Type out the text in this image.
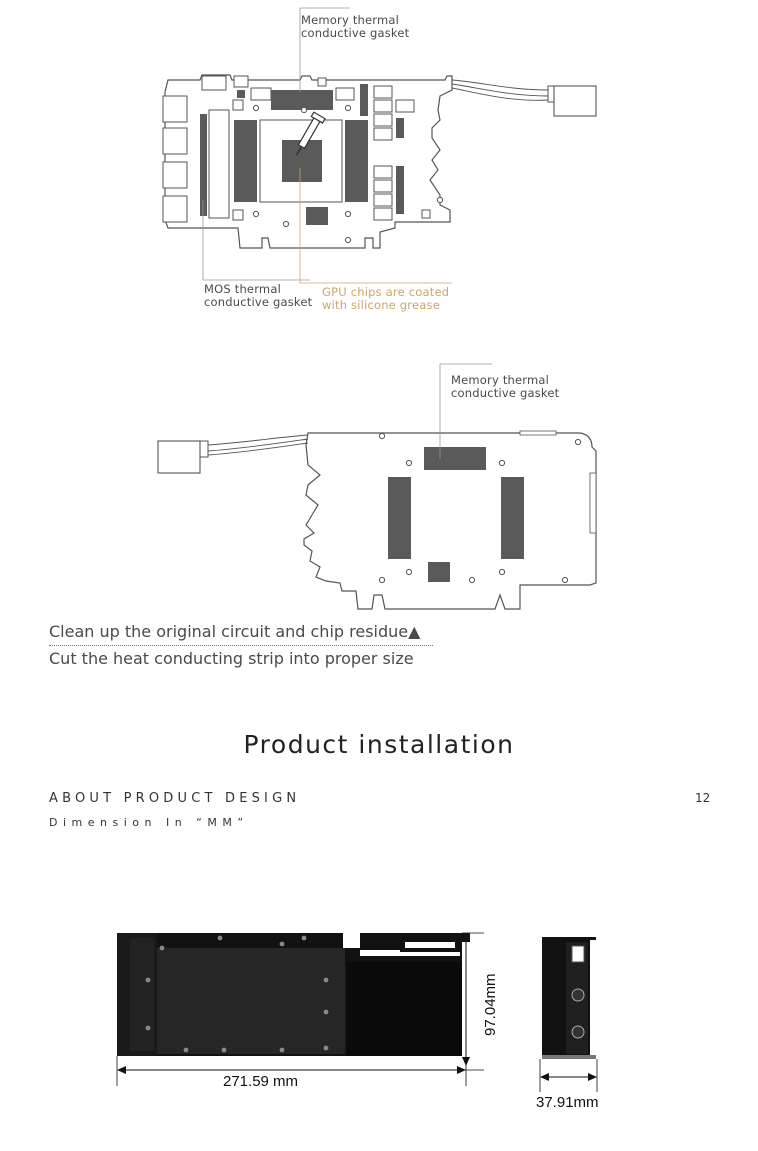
Memory thermal
conductive gasket
MOS thermal
conductive gasket
GPU chips are coated
with silicone grease
Memory thermal
conductive gasket
Clean up the original circuit and chip residue▲
Cut the heat conducting strip into proper size
Product installation
ABOUT PRODUCT DESIGN	12
Dimension In “MM”
97.04mm
271.59 mm
37.91mm
